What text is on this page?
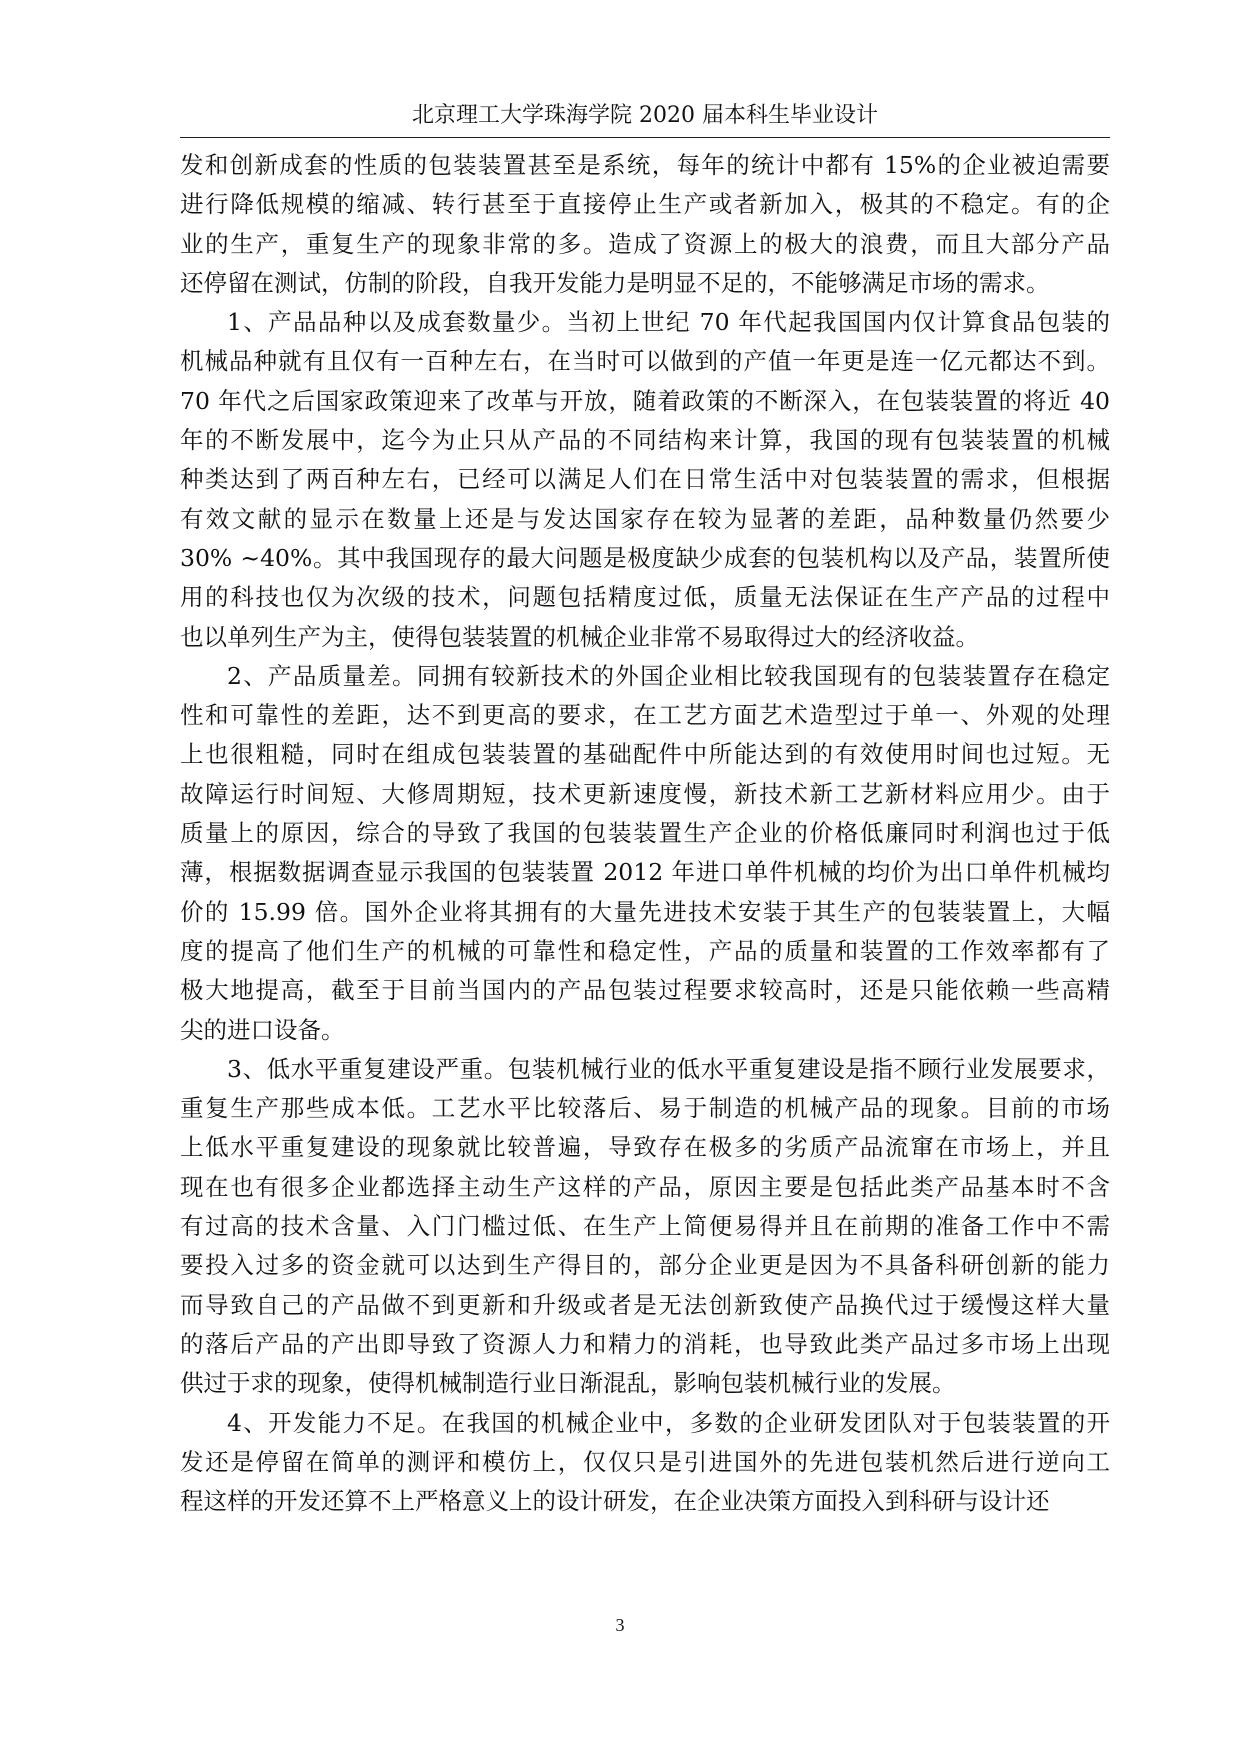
北京理工大学珠海学院 2020 届本科生毕业设计

发和创新成套的性质的包装装置甚至是系统，每年的统计中都有 15%的企业被迫需要
进行降低规模的缩减、转行甚至于直接停止生产或者新加入，极其的不稳定。有的企
业的生产，重复生产的现象非常的多。造成了资源上的极大的浪费，而且大部分产品
还停留在测试，仿制的阶段，自我开发能力是明显不足的，不能够满足市场的需求。

1、产品品种以及成套数量少。当初上世纪 70 年代起我国国内仅计算食品包装的
机械品种就有且仅有一百种左右，在当时可以做到的产值一年更是连一亿元都达不到。
70 年代之后国家政策迎来了改革与开放，随着政策的不断深入，在包装装置的将近 40
年的不断发展中，迄今为止只从产品的不同结构来计算，我国的现有包装装置的机械
种类达到了两百种左右，已经可以满足人们在日常生活中对包装装置的需求，但根据
有效文献的显示在数量上还是与发达国家存在较为显著的差距，品种数量仍然要少
30% ~40%。其中我国现存的最大问题是极度缺少成套的包装机构以及产品，装置所使
用的科技也仅为次级的技术，问题包括精度过低，质量无法保证在生产产品的过程中
也以单列生产为主，使得包装装置的机械企业非常不易取得过大的经济收益。

2、产品质量差。同拥有较新技术的外国企业相比较我国现有的包装装置存在稳定
性和可靠性的差距，达不到更高的要求，在工艺方面艺术造型过于单一、外观的处理
上也很粗糙，同时在组成包装装置的基础配件中所能达到的有效使用时间也过短。无
故障运行时间短、大修周期短，技术更新速度慢，新技术新工艺新材料应用少。由于
质量上的原因，综合的导致了我国的包装装置生产企业的价格低廉同时利润也过于低
薄，根据数据调查显示我国的包装装置 2012 年进口单件机械的均价为出口单件机械均
价的 15.99 倍。国外企业将其拥有的大量先进技术安装于其生产的包装装置上，大幅
度的提高了他们生产的机械的可靠性和稳定性，产品的质量和装置的工作效率都有了
极大地提高，截至于目前当国内的产品包装过程要求较高时，还是只能依赖一些高精
尖的进口设备。

3、低水平重复建设严重。包装机械行业的低水平重复建设是指不顾行业发展要求，
重复生产那些成本低。工艺水平比较落后、易于制造的机械产品的现象。目前的市场
上低水平重复建设的现象就比较普遍，导致存在极多的劣质产品流窜在市场上，并且
现在也有很多企业都选择主动生产这样的产品，原因主要是包括此类产品基本时不含
有过高的技术含量、入门门槛过低、在生产上简便易得并且在前期的准备工作中不需
要投入过多的资金就可以达到生产得目的，部分企业更是因为不具备科研创新的能力
而导致自己的产品做不到更新和升级或者是无法创新致使产品换代过于缓慢这样大量
的落后产品的产出即导致了资源人力和精力的消耗，也导致此类产品过多市场上出现
供过于求的现象，使得机械制造行业日渐混乱，影响包装机械行业的发展。

4、开发能力不足。在我国的机械企业中，多数的企业研发团队对于包装装置的开
发还是停留在简单的测评和模仿上，仅仅只是引进国外的先进包装机然后进行逆向工
程这样的开发还算不上严格意义上的设计研发，在企业决策方面投入到科研与设计还

3
